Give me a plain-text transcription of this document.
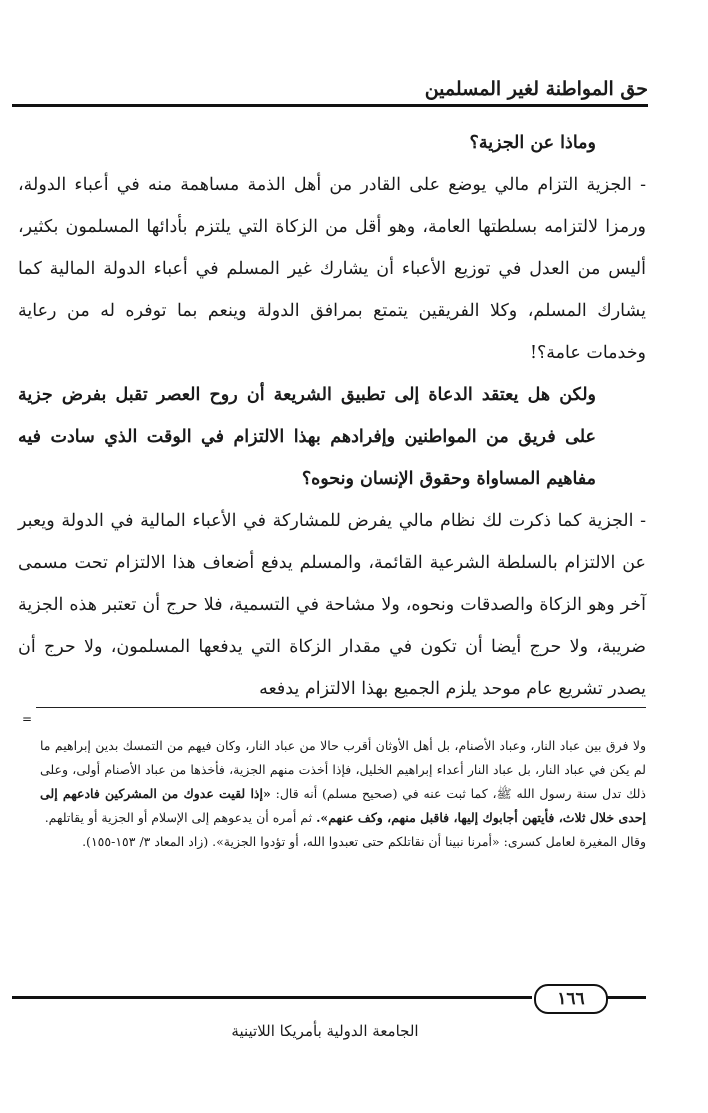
حق المواطنة لغير المسلمين

وماذا عن الجزية؟

- الجزية التزام مالي يوضع على القادر من أهل الذمة مساهمة منه في أعباء الدولة، ورمزا لالتزامه بسلطتها العامة، وهو أقل من الزكاة التي يلتزم بأدائها المسلمون بكثير، أليس من العدل في توزيع الأعباء أن يشارك غير المسلم في أعباء الدولة المالية كما يشارك المسلم، وكلا الفريقين يتمتع بمرافق الدولة وينعم بما توفره له من رعاية وخدمات عامة؟!

ولكن هل يعتقد الدعاة إلى تطبيق الشريعة أن روح العصر تقبل بفرض جزية على فريق من المواطنين وإفرادهم بهذا الالتزام في الوقت الذي سادت فيه مفاهيم المساواة وحقوق الإنسان ونحوه؟

- الجزية كما ذكرت لك نظام مالي يفرض للمشاركة في الأعباء المالية في الدولة ويعبر عن الالتزام بالسلطة الشرعية القائمة، والمسلم يدفع أضعاف هذا الالتزام تحت مسمى آخر وهو الزكاة والصدقات ونحوه، ولا مشاحة في التسمية، فلا حرج أن تعتبر هذه الجزية ضريبة، ولا حرج أيضا أن تكون في مقدار الزكاة التي يدفعها المسلمون، ولا حرج أن يصدر تشريع عام موحد يلزم الجميع بهذا الالتزام يدفعه

=

ولا فرق بين عباد النار، وعباد الأصنام، بل أهل الأوثان أقرب حالا من عباد النار، وكان فيهم من التمسك بدين إبراهيم ما لم يكن في عباد النار، بل عباد النار أعداء إبراهيم الخليل، فإذا أخذت منهم الجزية، فأخذها من عباد الأصنام أولى، وعلى ذلك تدل سنة رسول الله ﷺ، كما ثبت عنه في (صحيح مسلم) أنه قال: «إذا لقيت عدوك من المشركين فادعهم إلى إحدى خلال ثلاث، فأيتهن أجابوك إليها، فاقبل منهم، وكف عنهم». ثم أمره أن يدعوهم إلى الإسلام أو الجزية أو يقاتلهم.

وقال المغيرة لعامل كسرى: «أمرنا نبينا أن نقاتلكم حتى تعبدوا الله، أو تؤدوا الجزية». (زاد المعاد ٣/ ١٥٣-١٥٥).

١٦٦
الجامعة الدولية بأمريكا اللاتينية
